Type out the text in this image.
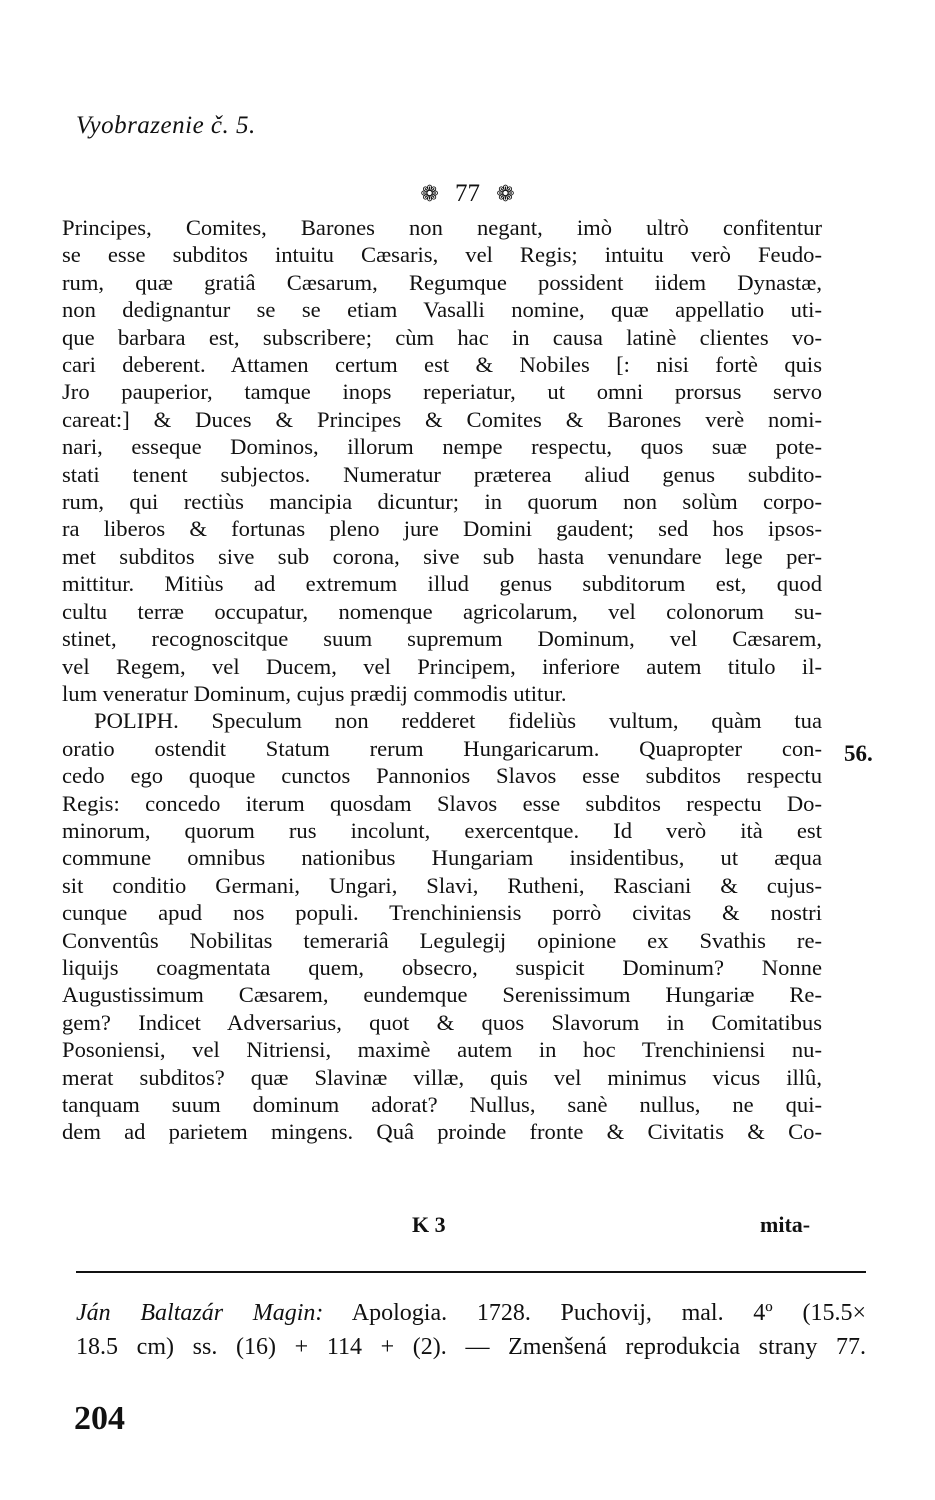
Vyobrazenie č. 5.
❁ 77 ❁
Principes, Comites, Barones non negant, imò ultrò confitentur
se esse subditos intuitu Cæsaris, vel Regis; intuitu verò Feudo-
rum, quæ gratiâ Cæsarum, Regumque possident iidem Dynastæ,
non dedignantur se se etiam Vasalli nomine, quæ appellatio uti-
que barbara est, subscribere; cùm hac in causa latinè clientes vo-
cari deberent. Attamen certum est & Nobiles [: nisi fortè quis
Jro pauperior, tamque inops reperiatur, ut omni prorsus servo
careat:] & Duces & Principes & Comites & Barones verè nomi-
nari, esseque Dominos, illorum nempe respectu, quos suæ pote-
stati tenent subjectos. Numeratur præterea aliud genus subdito-
rum, qui rectiùs mancipia dicuntur; in quorum non solùm corpo-
ra liberos & fortunas pleno jure Domini gaudent; sed hos ipsos-
met subditos sive sub corona, sive sub hasta venundare lege per-
mittitur. Mitiùs ad extremum illud genus subditorum est, quod
cultu terræ occupatur, nomenque agricolarum, vel colonorum su-
stinet, recognoscitque suum supremum Dominum, vel Cæsarem,
vel Regem, vel Ducem, vel Principem, inferiore autem titulo il-
lum veneratur Dominum, cujus prædij commodis utitur.
POLIPH. Speculum non redderet fideliùs vultum, quàm tua
oratio ostendit Statum rerum Hungaricarum. Quapropter con-
cedo ego quoque cunctos Pannonios Slavos esse subditos respectu
Regis: concedo iterum quosdam Slavos esse subditos respectu Do-
minorum, quorum rus incolunt, exercentque. Id verò ità est
commune omnibus nationibus Hungariam insidentibus, ut æqua
sit conditio Germani, Ungari, Slavi, Rutheni, Rasciani & cujus-
cunque apud nos populi. Trenchiniensis porrò civitas & nostri
Conventûs Nobilitas temerariâ Legulegij opinione ex Svathis re-
liquijs coagmentata quem, obsecro, suspicit Dominum? Nonne
Augustissimum Cæsarem, eundemque Serenissimum Hungariæ Re-
gem? Indicet Adversarius, quot & quos Slavorum in Comitatibus
Posoniensi, vel Nitriensi, maximè autem in hoc Trenchiniensi nu-
merat subditos? quæ Slavinæ villæ, quis vel minimus vicus illû,
tanquam suum dominum adorat? Nullus, sanè nullus, ne qui-
dem ad parietem mingens. Quâ proinde fronte & Civitatis & Co-
56.
K 3	mita-
Ján Baltazár Magin: Apologia. 1728. Puchovij, mal. 4º (15.5×
18.5 cm) ss. (16) + 114 + (2). — Zmenšená reprodukcia strany 77.
204
